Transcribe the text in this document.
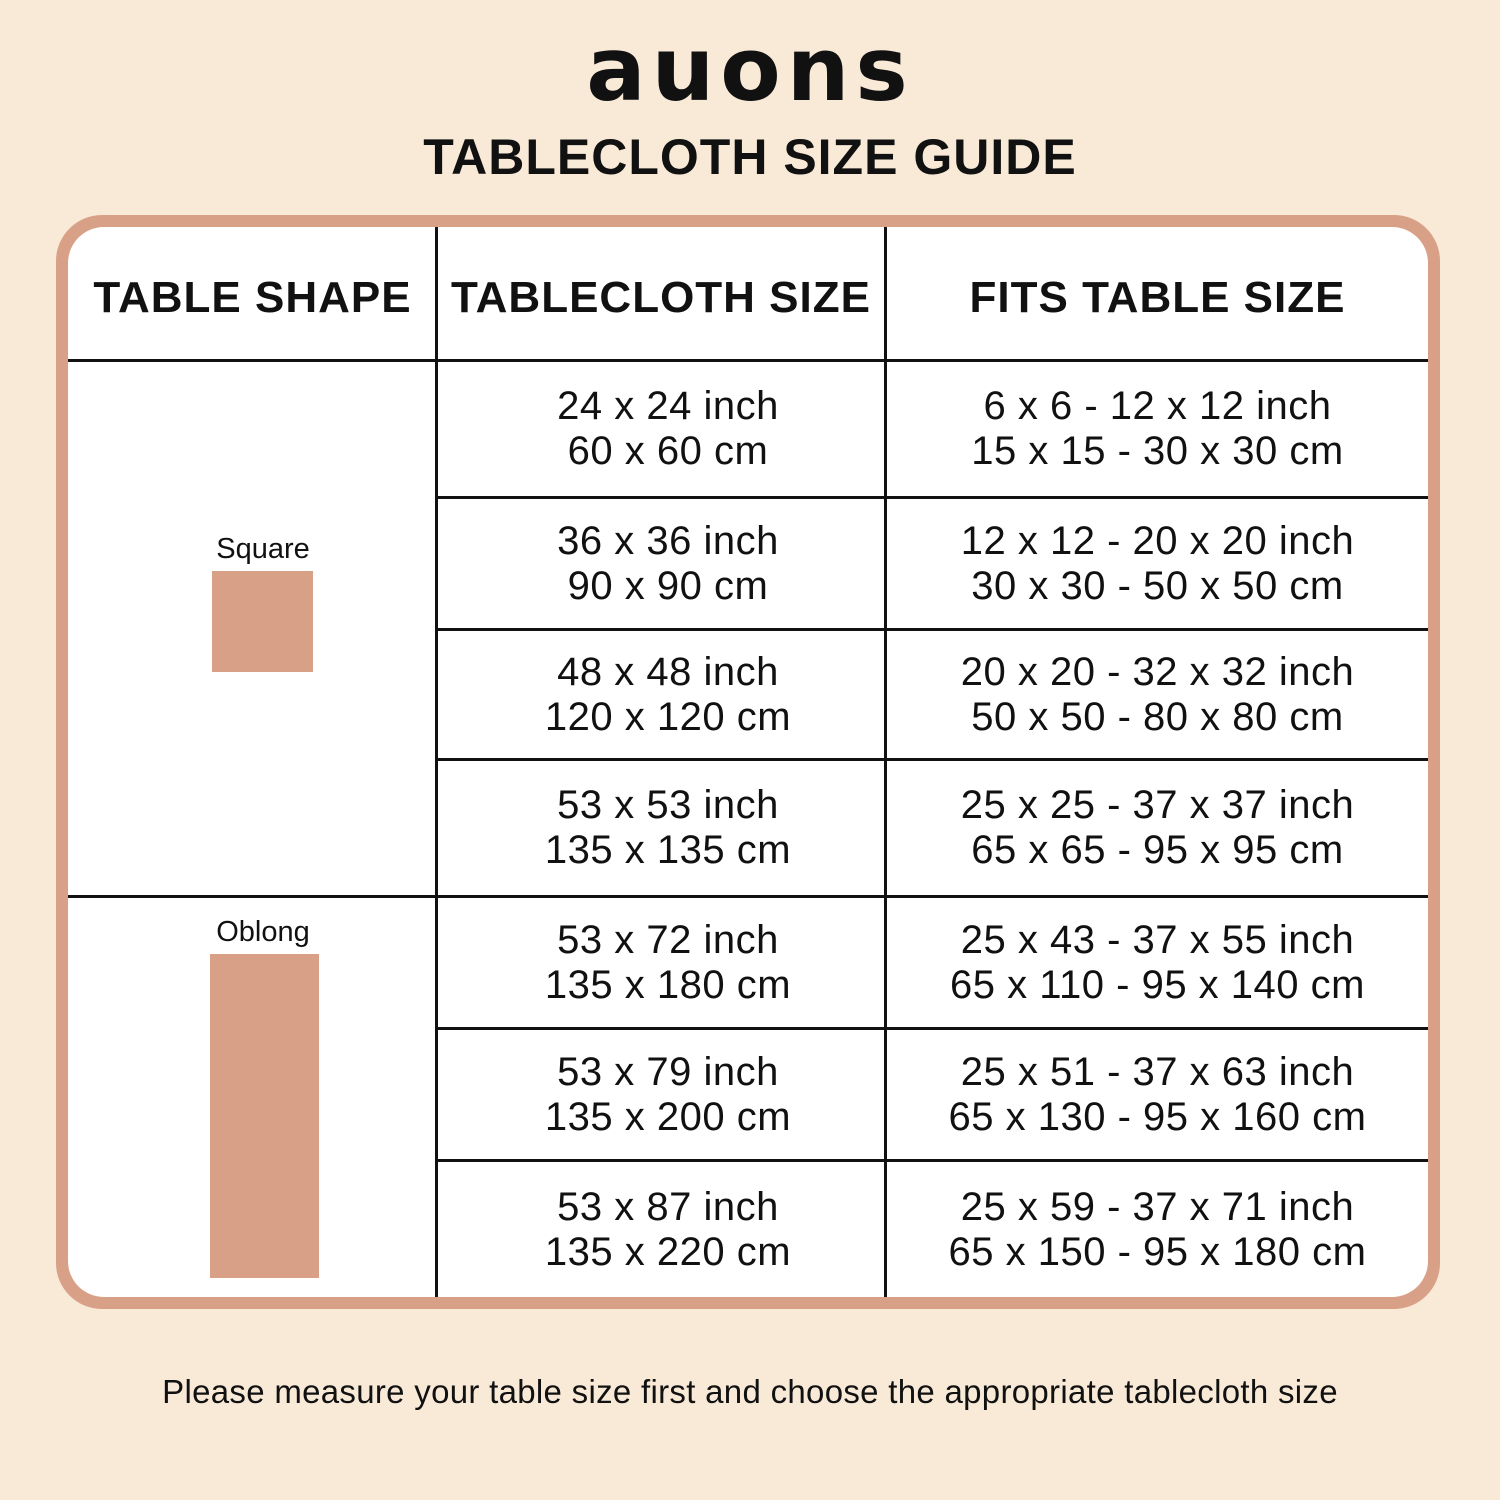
auons
TABLECLOTH SIZE GUIDE
TABLE SHAPE TABLECLOTH SIZE	FITS TABLE SIZE
Square
Oblong
24 x 24 inch
60 x 60 cm
36 x 36 inch
90 x 90 cm
48 x 48 inch
120 x 120 cm
53 x 53 inch
135 x 135 cm
53 x 72 inch
135 x 180 cm
53 x 79 inch
135 x 200 cm
53 x 87 inch
135 x 220 cm
6 x 6 - 12 x 12 inch
15 x 15 - 30 x 30 cm
12 x 12 - 20 x 20 inch
30 x 30 - 50 x 50 cm
20 x 20 - 32 x 32 inch
50 x 50 - 80 x 80 cm
25 x 25 - 37 x 37 inch
65 x 65 - 95 x 95 cm
25 x 43 - 37 x 55 inch
65 x 110 - 95 x 140 cm
25 x 51 - 37 x 63 inch
65 x 130 - 95 x 160 cm
25 x 59 - 37 x 71 inch
65 x 150 - 95 x 180 cm
Please measure your table size first and choose the appropriate tablecloth size
